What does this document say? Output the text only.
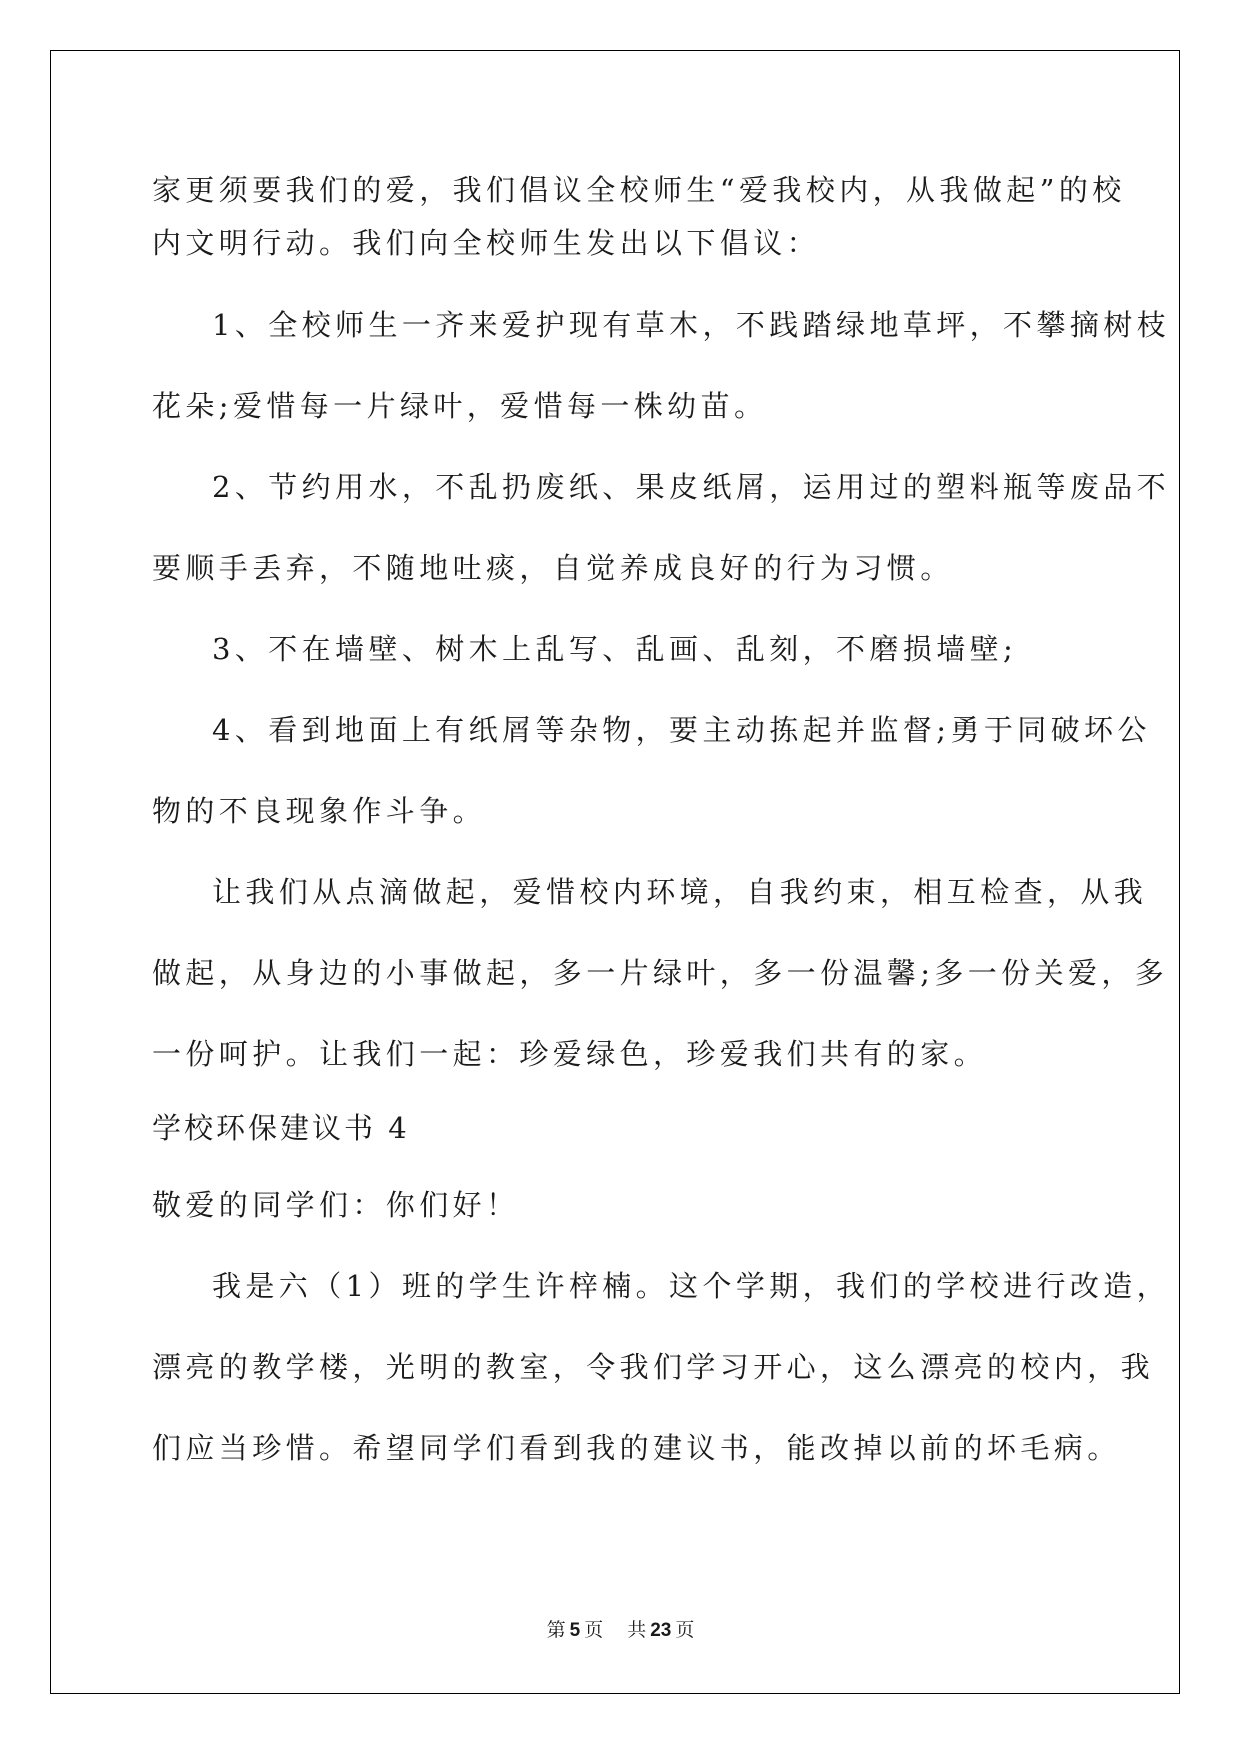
家更须要我们的爱，我们倡议全校师生“爱我校内，从我做起”的校
内文明行动。我们向全校师生发出以下倡议：
1、全校师生一齐来爱护现有草木，不践踏绿地草坪，不攀摘树枝
花朵;爱惜每一片绿叶，爱惜每一株幼苗。
2、节约用水，不乱扔废纸、果皮纸屑，运用过的塑料瓶等废品不
要顺手丢弃，不随地吐痰，自觉养成良好的行为习惯。
3、不在墙壁、树木上乱写、乱画、乱刻，不磨损墙壁;
4、看到地面上有纸屑等杂物，要主动拣起并监督;勇于同破坏公
物的不良现象作斗争。
让我们从点滴做起，爱惜校内环境，自我约束，相互检查，从我
做起，从身边的小事做起，多一片绿叶，多一份温馨;多一份关爱，多
一份呵护。让我们一起：珍爱绿色，珍爱我们共有的家。
学校环保建议书 4
敬爱的同学们：你们好！
我是六（1）班的学生许梓楠。这个学期，我们的学校进行改造，
漂亮的教学楼，光明的教室，令我们学习开心，这么漂亮的校内，我
们应当珍惜。希望同学们看到我的建议书，能改掉以前的坏毛病。
第 5 页 共 23 页
